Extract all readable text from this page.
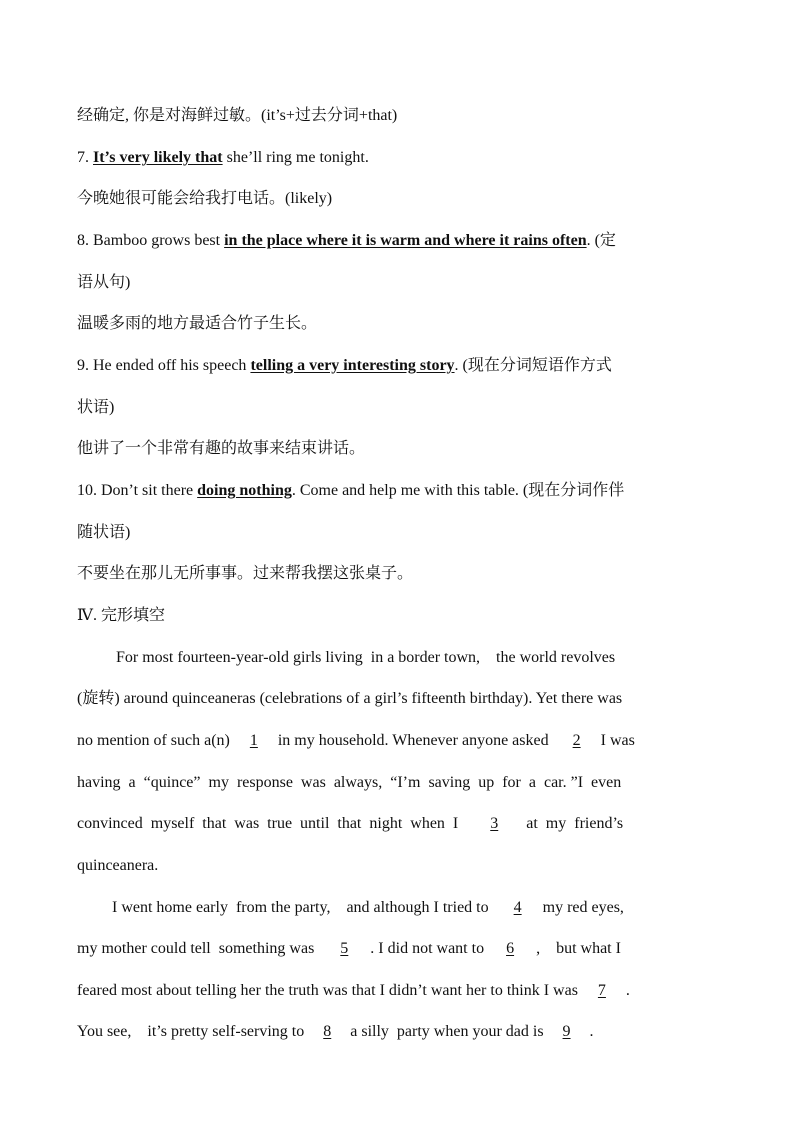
经确定, 你是对海鲜过敏。(it’s+过去分词+that)
7. It’s very likely that she’ll ring me tonight.
今晚她很可能会给我打电话。(likely)
8. Bamboo grows best in the place where it is warm and where it rains often. (定
语从句)
温暖多雨的地方最适合竹子生长。
9. He ended off his speech telling a very interesting story. (现在分词短语作方式
状语)
他讲了一个非常有趣的故事来结束讲话。
10. Don’t sit there doing nothing. Come and help me with this table. (现在分词作伴
随状语)
不要坐在那儿无所事事。过来帮我摆这张桌子。
Ⅳ. 完形填空
For most fourteen-year-old girls living  in a border town,    the world revolves
(旋转) around quinceaneras (celebrations of a girl’s fifteenth birthday). Yet there was
no mention of such a(n) 1 in my household. Whenever anyone asked 2 I was
having  a  “quince”  my  response  was  always,  “I’m  saving  up  for  a  car. ”I  even
convinced  myself  that  was  true  until  that  night  when  I 3 at  my  friend’s
quinceanera.
I went home early  from the party,    and although I tried to 4 my red eyes,
my mother could tell  something was 5 . I did not want to 6 ,    but what I
feared most about telling her the truth was that I didn’t want her to think I was 7 .
You see,    it’s pretty self-serving to 8 a silly  party when your dad is 9 .
